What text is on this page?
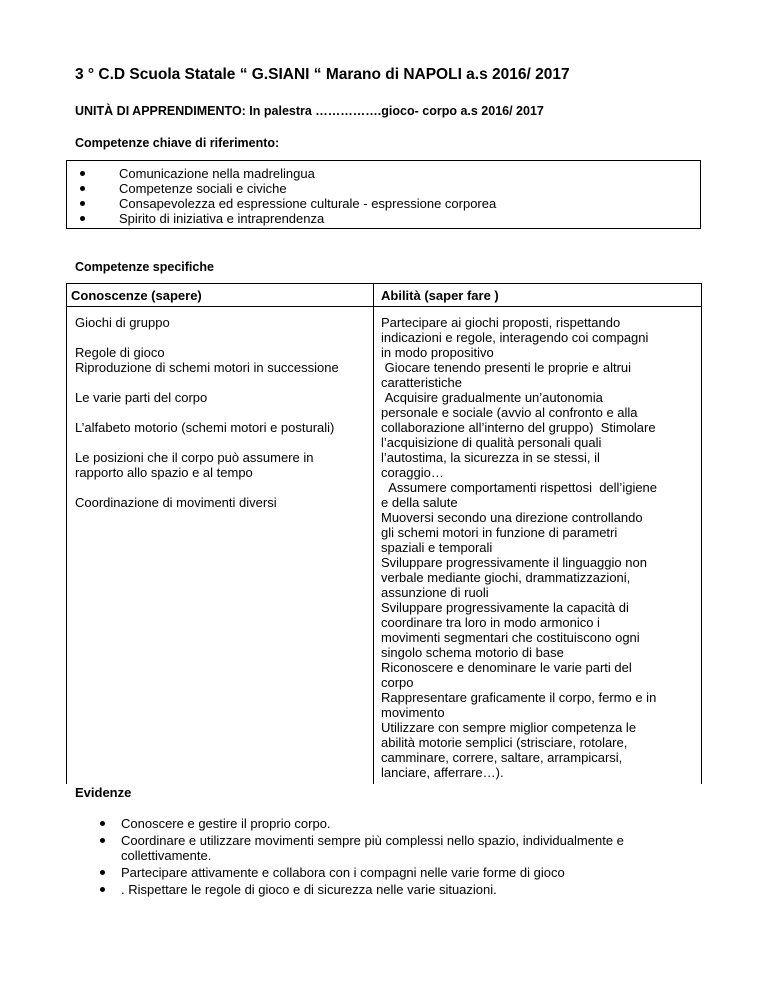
3 ° C.D Scuola Statale “ G.SIANI “ Marano di NAPOLI a.s 2016/ 2017
UNITÀ DI APPRENDIMENTO: In palestra …………….gioco- corpo a.s 2016/ 2017
Competenze chiave di riferimento:
Comunicazione nella madrelingua
Competenze sociali e civiche
Consapevolezza ed espressione culturale - espressione corporea
Spirito di iniziativa e intraprendenza
Competenze specifiche
Conoscenze (sapere)	Abilità (saper fare )
Giochi di gruppo
Regole di gioco
Riproduzione di schemi motori in successione
Le varie parti del corpo
L’alfabeto motorio (schemi motori e posturali)
Le posizioni che il corpo può assumere in rapporto allo spazio e al tempo
Coordinazione di movimenti diversi
Partecipare ai giochi proposti, rispettando
indicazioni e regole, interagendo coi compagni
in modo propositivo
Giocare tenendo presenti le proprie e altrui
caratteristiche
Acquisire gradualmente un’autonomia
personale e sociale (avvio al confronto e alla
collaborazione all’interno del gruppo)  Stimolare
l’acquisizione di qualità personali quali
l’autostima, la sicurezza in se stessi, il
coraggio…
Assumere comportamenti rispettosi  dell’igiene
e della salute
Muoversi secondo una direzione controllando
gli schemi motori in funzione di parametri
spaziali e temporali
Sviluppare progressivamente il linguaggio non
verbale mediante giochi, drammatizzazioni,
assunzione di ruoli
Sviluppare progressivamente la capacità di
coordinare tra loro in modo armonico i
movimenti segmentari che costituiscono ogni
singolo schema motorio di base
Riconoscere e denominare le varie parti del
corpo
Rappresentare graficamente il corpo, fermo e in
movimento
Utilizzare con sempre miglior competenza le
abilità motorie semplici (strisciare, rotolare,
camminare, correre, saltare, arrampicarsi,
lanciare, afferrare…).
Evidenze
Conoscere e gestire il proprio corpo.
Coordinare e utilizzare movimenti sempre più complessi nello spazio, individualmente e collettivamente.
Partecipare attivamente e collabora con i compagni nelle varie forme di gioco
. Rispettare le regole di gioco e di sicurezza nelle varie situazioni.
